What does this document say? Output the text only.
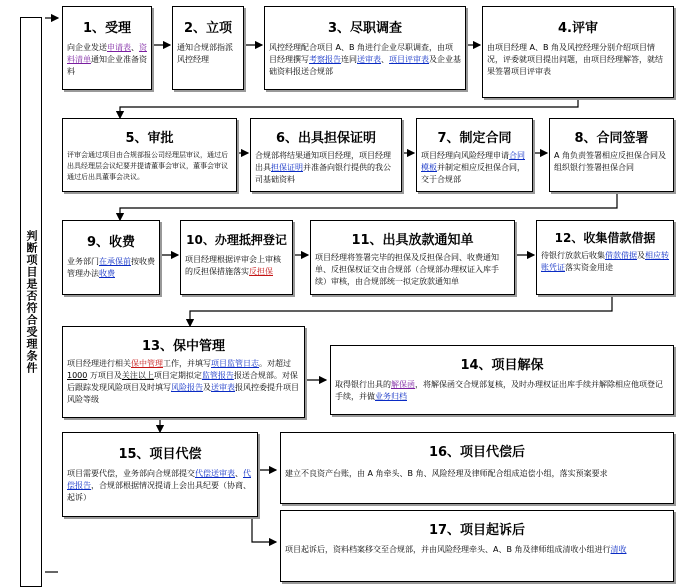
判断项目是否符合受理条件
1、受理
向企业发送申请表、资料清单通知企业准备资料
2、立项
通知合规部指派风控经理
3、尽职调查
风控经理配合项目 A、B 角进行企业尽职调查，由项目经理撰写考察报告连同送审表、项目评审表及企业基础资料报送合规部
4.评审
由项目经理 A、B 角及风控经理分别介绍项目情况，评委就项目提出问题，由项目经理解答，就结果签署项目评审表
5、审批
评审会通过项目由合规部报公司经理层审议，通过后出具经理层会议纪要并提请董事会审议，董事会审议通过后出具董事会决议。
6、出具担保证明
合规部将结果通知项目经理，项目经理出具担保证明并准备向银行提供的我公司基础资料
7、制定合同
项目经理向风险经理申请合同模板并制定相应反担保合同，交于合规部
8、合同签署
A 角负责签署相应反担保合同及组织银行签署担保合同
9、收费
业务部门在承保前按收费管理办法收费
10、办理抵押登记
项目经理根据评审会上审核的反担保措施落实反担保
11、出具放款通知单
项目经理将签署完毕的担保及反担保合同、收费通知单、反担保权证交由合规部（合规部办理权证入库手续）审核，由合规部统一拟定放款通知单
12、收集借款借据
待银行放款后收集借款借据及相应转账凭证落实资金用途
13、保中管理
项目经理进行相关保中管理工作，并填写项目监管日志。对超过 1000 万项目及关注以上项目定期拟定监管报告报送合规部。对保后跟踪发现风险项目及时填写风险报告及送审表报风控委提升项目风险等级
14、项目解保
取得银行出具的解保函，将解保函交合规部复核，及时办理权证出库手续并解除相应他项登记手续，并做业务归档
15、项目代偿
项目需要代偿，业务部向合规部提交代偿送审表、代偿报告，合规部根据情况提请上会出具纪要（协商、起诉）
16、项目代偿后
建立不良资产台账，由 A 角牵头、B 角、风险经理及律师配合组成追偿小组，落实预案要求
17、项目起诉后
项目起诉后，资料档案移交至合规部，并由风险经理牵头、A、B 角及律师组成清收小组进行清收
